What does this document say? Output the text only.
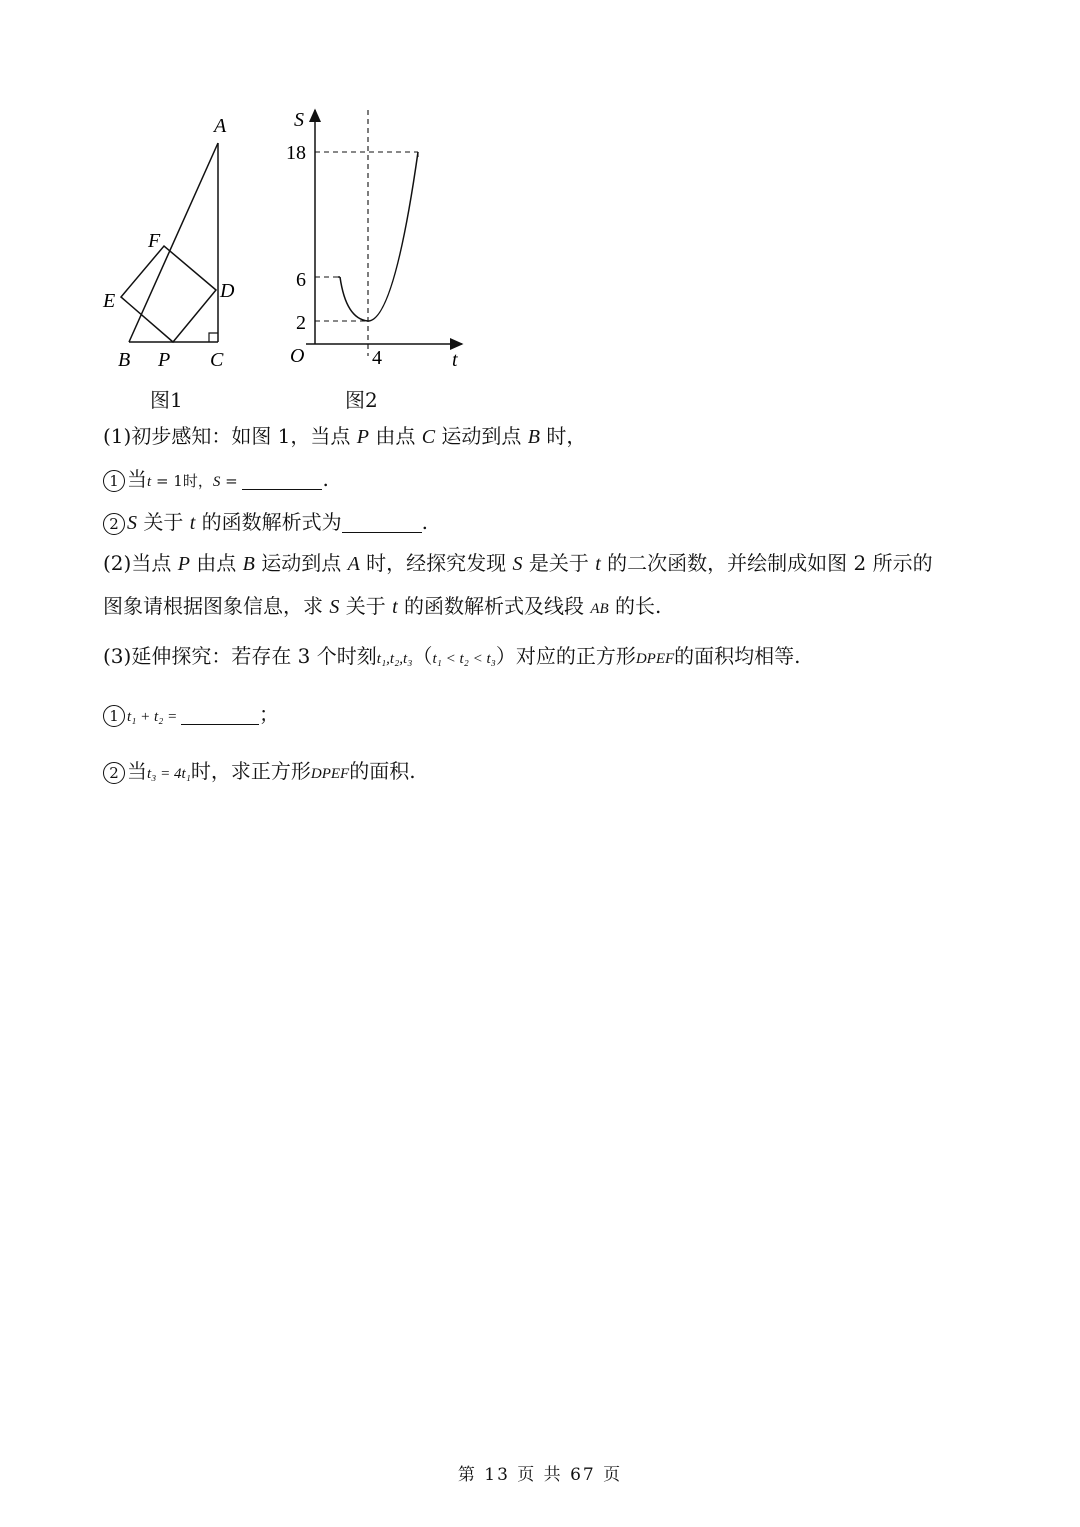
A
B	C
D
E
F
P
图1
S
t
O
18
6
2
4
图2
(1)初步感知：如图 1，当点 P 由点 C 运动到点 B 时，
1 当t = 1时，S =	.
2 S 关于 t 的函数解析式为	.
(2)当点 P 由点 B 运动到点 A 时，经探究发现 S 是关于 t 的二次函数，并绘制成如图 2 所示的
图象请根据图象信息，求 S 关于 t 的函数解析式及线段 AB 的长.
(3)延伸探究：若存在 3 个时刻t₁,t₂,t₃（t₁ < t₂ < t₃）对应的正方形DPEF的面积均相等.
1 t₁ + t₂ =	；
2 当t₃ = 4t₁时，求正方形DPEF的面积.
第 13 页 共 67 页
